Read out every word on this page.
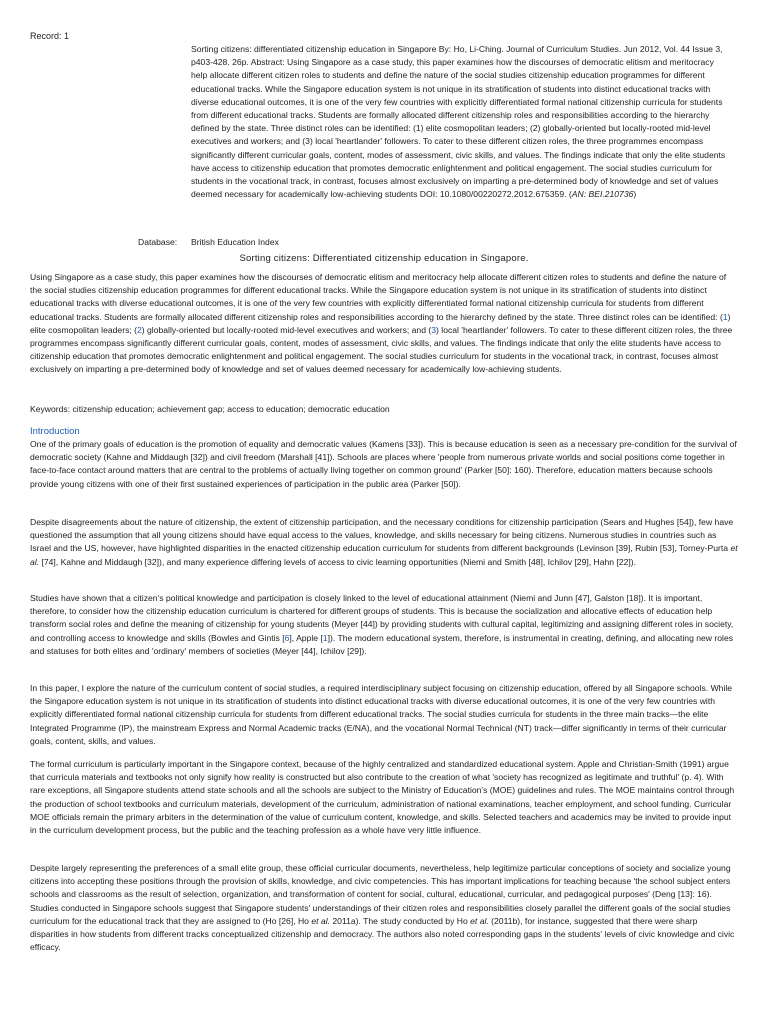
Record: 1
Sorting citizens: differentiated citizenship education in Singapore By: Ho, Li-Ching. Journal of Curriculum Studies. Jun 2012, Vol. 44 Issue 3, p403-428. 26p. Abstract: Using Singapore as a case study, this paper examines how the discourses of democratic elitism and meritocracy help allocate different citizen roles to students and define the nature of the social studies citizenship education programmes for different educational tracks. While the Singapore education system is not unique in its stratification of students into distinct educational tracks with diverse educational outcomes, it is one of the very few countries with explicitly differentiated formal national citizenship curricula for students from different educational tracks. Students are formally allocated different citizenship roles and responsibilities according to the hierarchy defined by the state. Three distinct roles can be identified: (1) elite cosmopolitan leaders; (2) globally-oriented but locally-rooted mid-level executives and workers; and (3) local 'heartlander' followers. To cater to these different citizen roles, the three programmes encompass significantly different curricular goals, content, modes of assessment, civic skills, and values. The findings indicate that only the elite students have access to citizenship education that promotes democratic enlightenment and political engagement. The social studies curriculum for students in the vocational track, in contrast, focuses almost exclusively on imparting a pre-determined body of knowledge and set of values deemed necessary for academically low-achieving students DOI: 10.1080/00220272.2012.675359. (AN: BEI.210736)
Database: British Education Index
Sorting citizens: Differentiated citizenship education in Singapore.

Using Singapore as a case study, this paper examines how the discourses of democratic elitism and meritocracy help allocate different citizen roles to students and define the nature of the social studies citizenship education programmes for different educational tracks. While the Singapore education system is not unique in its stratification of students into distinct educational tracks with diverse educational outcomes, it is one of the very few countries with explicitly differentiated formal national citizenship curricula for students from different educational tracks. Students are formally allocated different citizenship roles and responsibilities according to the hierarchy defined by the state. Three distinct roles can be identified: (1) elite cosmopolitan leaders; (2) globally-oriented but locally-rooted mid-level executives and workers; and (3) local 'heartlander' followers. To cater to these different citizen roles, the three programmes encompass significantly different curricular goals, content, modes of assessment, civic skills, and values. The findings indicate that only the elite students have access to citizenship education that promotes democratic enlightenment and political engagement. The social studies curriculum for students in the vocational track, in contrast, focuses almost exclusively on imparting a pre-determined body of knowledge and set of values deemed necessary for academically low-achieving students.

Keywords: citizenship education; achievement gap; access to education; democratic education
Introduction

One of the primary goals of education is the promotion of equality and democratic values (Kamens [33]). This is because education is seen as a necessary pre-condition for the survival of democratic society (Kahne and Middaugh [32]) and civil freedom (Marshall [41]). Schools are places where 'people from numerous private worlds and social positions come together in face-to-face contact around matters that are central to the problems of actually living together on common ground' (Parker [50]: 160). Therefore, education matters because schools provide young citizens with one of their first sustained experiences of participation in the public area (Parker [50]).

Despite disagreements about the nature of citizenship, the extent of citizenship participation, and the necessary conditions for citizenship participation (Sears and Hughes [54]), few have questioned the assumption that all young citizens should have equal access to the values, knowledge, and skills necessary for being citizens. Numerous studies in countries such as Israel and the US, however, have highlighted disparities in the enacted citizenship education curriculum for students from different backgrounds (Levinson [39], Rubin [53], Torney-Purta et al. [74], Kahne and Middaugh [32]), and many experience differing levels of access to civic learning opportunities (Niemi and Smith [48], Ichilov [29], Hahn [22]).

Studies have shown that a citizen's political knowledge and participation is closely linked to the level of educational attainment (Niemi and Junn [47], Galston [18]). It is important, therefore, to consider how the citizenship education curriculum is chartered for different groups of students. This is because the socialization and allocative effects of education help transform social roles and define the meaning of citizenship for young students (Meyer [44]) by providing students with cultural capital, legitimizing and assigning different roles in society, and controlling access to knowledge and skills (Bowles and Gintis [6], Apple [1]). The modern educational system, therefore, is instrumental in creating, defining, and allocating new roles and statuses for both elites and 'ordinary' members of societies (Meyer [44], Ichilov [29]).

In this paper, I explore the nature of the curriculum content of social studies, a required interdisciplinary subject focusing on citizenship education, offered by all Singapore schools. While the Singapore education system is not unique in its stratification of students into distinct educational tracks with diverse educational outcomes, it is one of the very few countries with explicitly differentiated formal national citizenship curricula for students from different educational tracks. The social studies curricula for students in the three main tracks—the elite Integrated Programme (IP), the mainstream Express and Normal Academic tracks (E/NA), and the vocational Normal Technical (NT) track—differ significantly in terms of their curricular goals, content, skills, and values.

The formal curriculum is particularly important in the Singapore context, because of the highly centralized and standardized educational system. Apple and Christian-Smith (1991) argue that curricula materials and textbooks not only signify how reality is constructed but also contribute to the creation of what 'society has recognized as legitimate and truthful' (p. 4). With rare exceptions, all Singapore students attend state schools and all the schools are subject to the Ministry of Education's (MOE) guidelines and rules. The MOE maintains control through the production of school textbooks and curriculum materials, development of the curriculum, administration of national examinations, teacher employment, and school funding. Curricular MOE officials remain the primary arbiters in the determination of the value of curriculum content, knowledge, and skills. Selected teachers and academics may be invited to provide input in the curriculum development process, but the public and the teaching profession as a whole have very little influence.

Despite largely representing the preferences of a small elite group, these official curricular documents, nevertheless, help legitimize particular conceptions of society and socialize young citizens into accepting these positions through the provision of skills, knowledge, and civic competencies. This has important implications for teaching because 'the school subject enters schools and classrooms as the result of selection, organization, and transformation of content for social, cultural, educational, curricular, and pedagogical purposes' (Deng [13]: 16). Studies conducted in Singapore schools suggest that Singapore students' understandings of their citizen roles and responsibilities closely parallel the different goals of the social studies curriculum for the educational track that they are assigned to (Ho [26], Ho et al. 2011a). The study conducted by Ho et al. (2011b), for instance, suggested that there were sharp disparities in how students from different tracks conceptualized citizenship and democracy. The authors also noted corresponding gaps in the students' levels of civic knowledge and civic efficacy.
